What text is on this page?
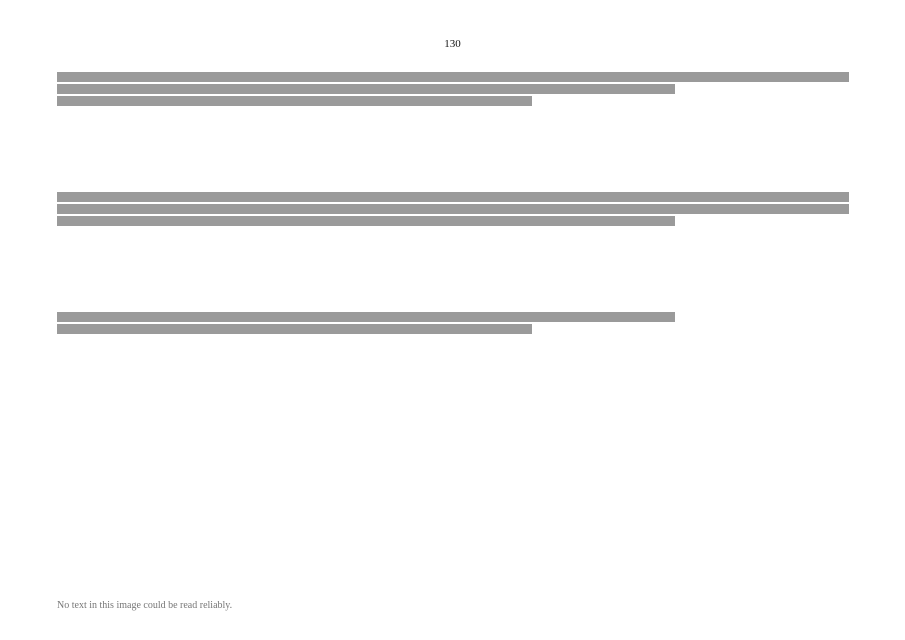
130

No text in this image could be read reliably.
